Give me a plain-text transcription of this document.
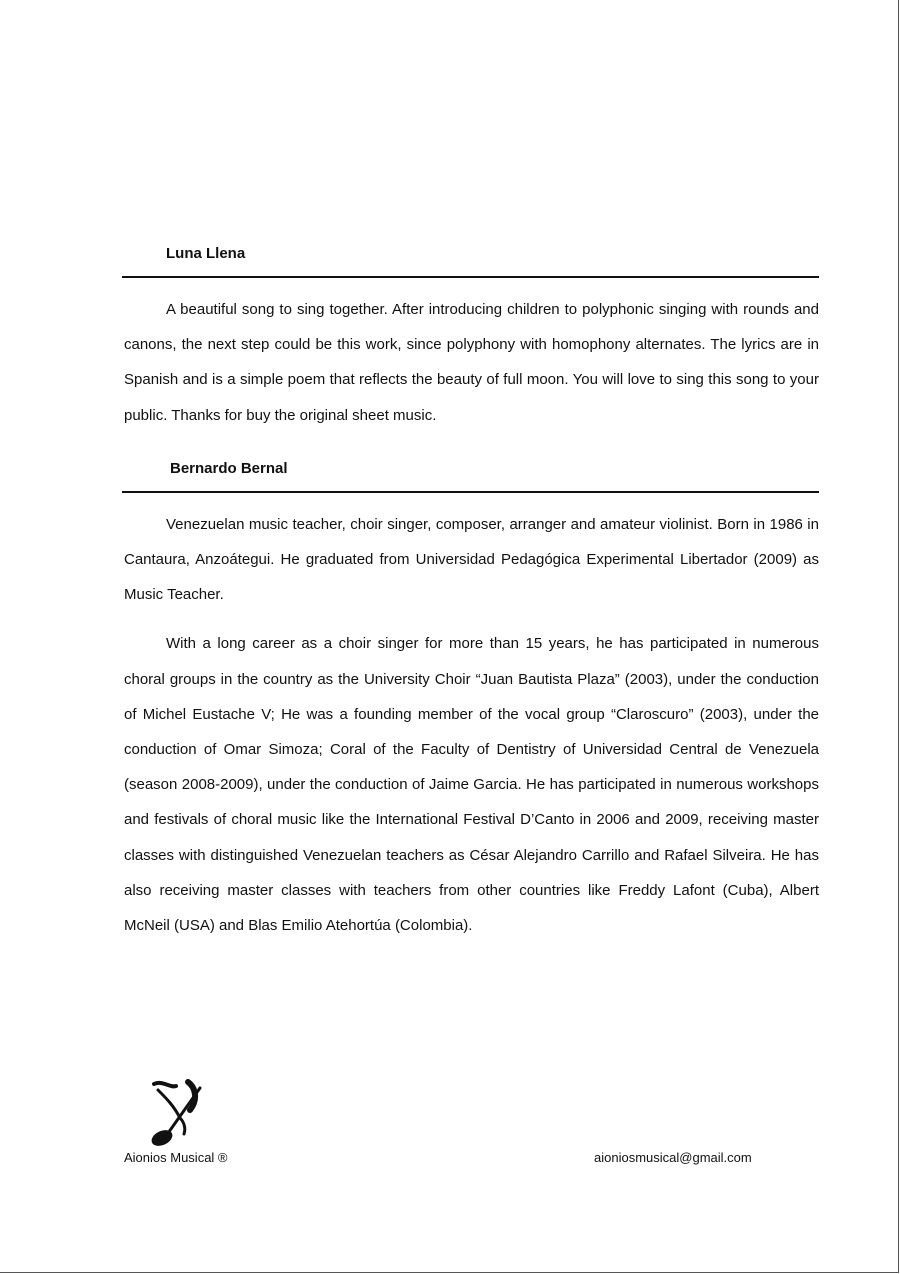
Luna Llena

A beautiful song to sing together. After introducing children to polyphonic singing with rounds and canons, the next step could be this work, since polyphony with homophony alternates. The lyrics are in Spanish and is a simple poem that reflects the beauty of full moon. You will love to sing this song to your public. Thanks for buy the original sheet music.

Bernardo Bernal

Venezuelan music teacher, choir singer, composer, arranger and amateur violinist. Born in 1986 in Cantaura, Anzoátegui. He graduated from Universidad Pedagógica Experimental Libertador (2009) as Music Teacher.

With a long career as a choir singer for more than 15 years, he has participated in numerous choral groups in the country as the University Choir “Juan Bautista Plaza” (2003), under the conduction of Michel Eustache V; He was a founding member of the vocal group “Claroscuro” (2003), under the conduction of Omar Simoza; Coral of the Faculty of Dentistry of Universidad Central de Venezuela (season 2008-2009), under the conduction of Jaime Garcia. He has participated in numerous workshops and festivals of choral music like the International Festival D’Canto in 2006 and 2009, receiving master classes with distinguished Venezuelan teachers as César Alejandro Carrillo and Rafael Silveira. He has also receiving master classes with teachers from other countries like Freddy Lafont (Cuba), Albert McNeil (USA) and Blas Emilio Atehortúa (Colombia).

Aionios Musical ®	aioniosmusical@gmail.com
